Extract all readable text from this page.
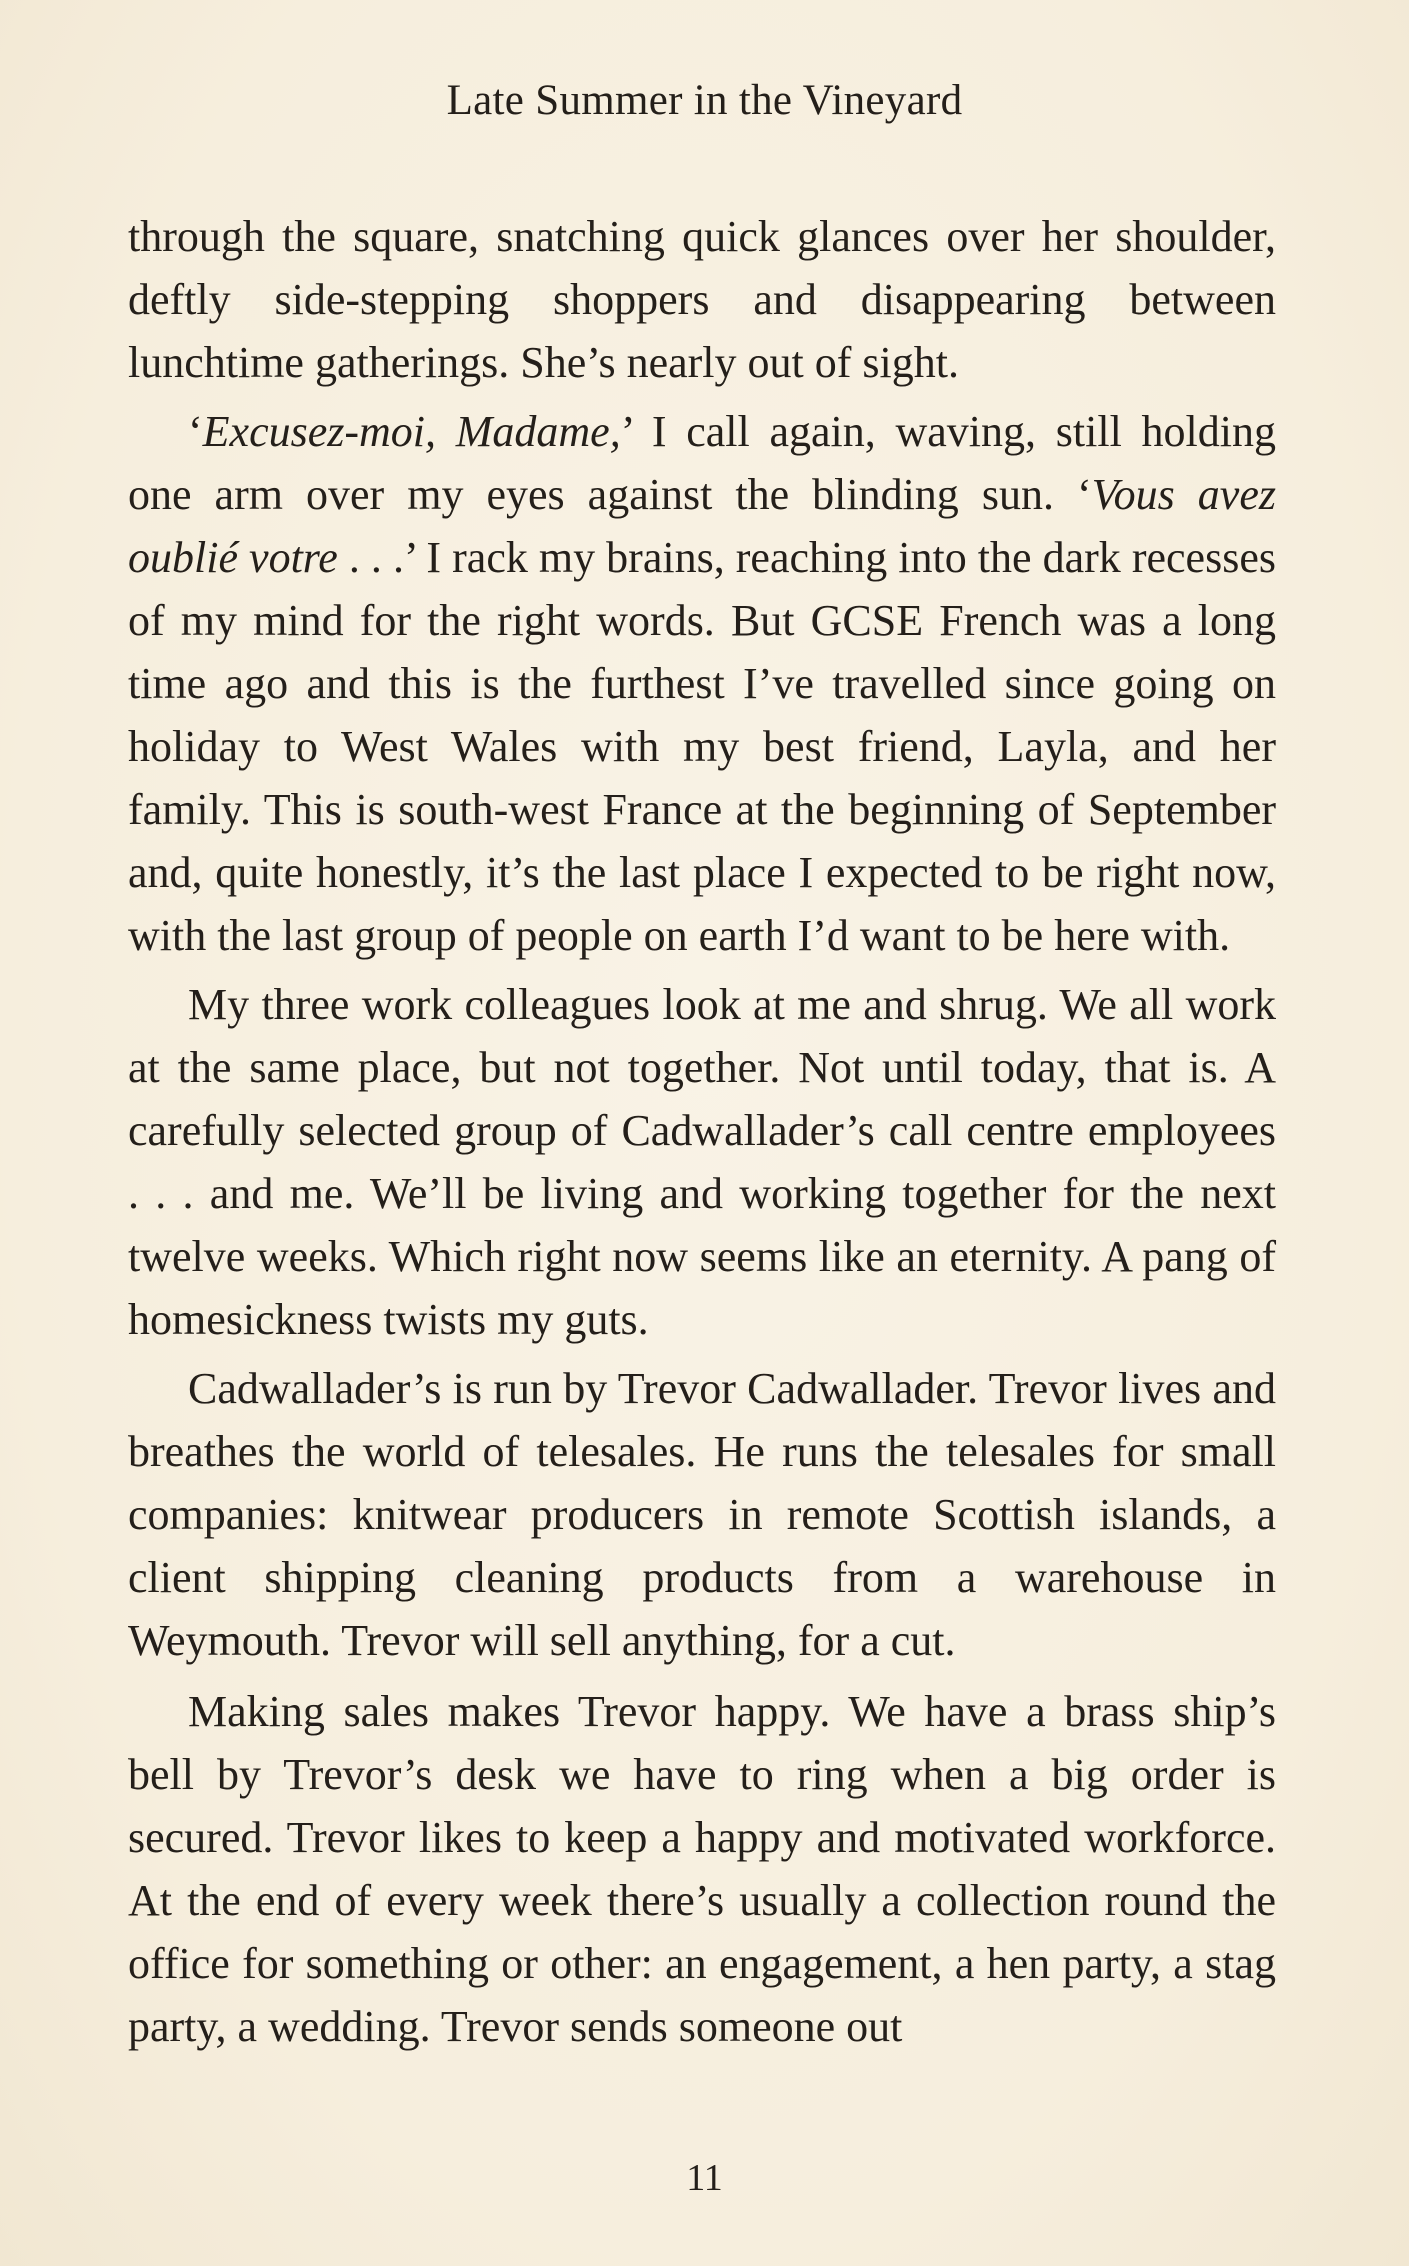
Late Summer in the Vineyard

through the square, snatching quick glances over her shoulder, deftly side-stepping shoppers and disappearing between lunchtime gatherings. She’s nearly out of sight.

‘Excusez-moi, Madame,’ I call again, waving, still holding one arm over my eyes against the blinding sun. ‘Vous avez oublié votre . . .’ I rack my brains, reaching into the dark recesses of my mind for the right words. But GCSE French was a long time ago and this is the furthest I’ve travelled since going on holiday to West Wales with my best friend, Layla, and her family. This is south-west France at the beginning of September and, quite honestly, it’s the last place I expected to be right now, with the last group of people on earth I’d want to be here with.

My three work colleagues look at me and shrug. We all work at the same place, but not together. Not until today, that is. A carefully selected group of Cadwallader’s call centre employees . . . and me. We’ll be living and working together for the next twelve weeks. Which right now seems like an eternity. A pang of homesickness twists my guts.

Cadwallader’s is run by Trevor Cadwallader. Trevor lives and breathes the world of telesales. He runs the telesales for small companies: knitwear producers in remote Scottish islands, a client shipping cleaning products from a warehouse in Weymouth. Trevor will sell anything, for a cut.

Making sales makes Trevor happy. We have a brass ship’s bell by Trevor’s desk we have to ring when a big order is secured. Trevor likes to keep a happy and motivated workforce. At the end of every week there’s usually a collection round the office for something or other: an engagement, a hen party, a stag party, a wedding. Trevor sends someone out

11
